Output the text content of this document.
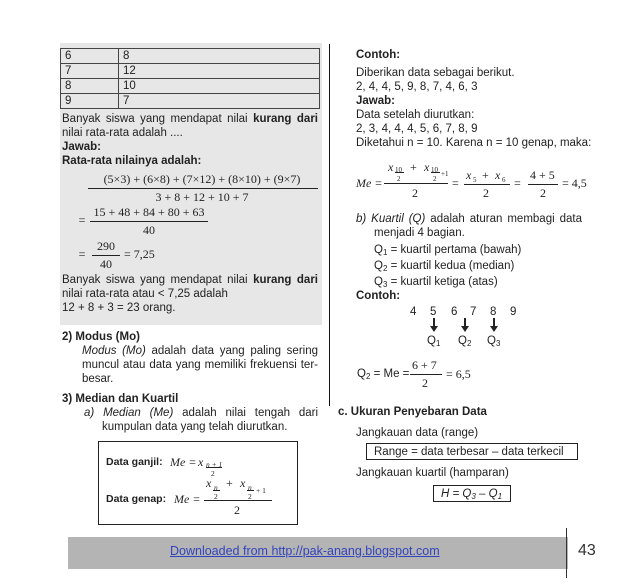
6	8
7	12
8	10
9	7
Banyak siswa yang mendapat nilai kurang dari
nilai rata-rata adalah ....
Jawab:
Rata-rata nilainya adalah:
(5×3) + (6×8) + (7×12) + (8×10) + (9×7)
3 + 8 + 12 + 10 + 7
=
15 + 48 + 84 + 80 + 63
40
=
290
40
= 7,25
Banyak siswa yang mendapat nilai kurang dari
nilai rata-rata atau < 7,25 adalah
12 + 8 + 3 = 23 orang.
2) Modus (Mo)
Modus (Mo) adalah data yang paling sering
muncul atau data yang memiliki frekuensi ter-
besar.
3) Median dan Kuartil
a) Median (Me) adalah nilai tengah dari
kumpulan data yang telah diurutkan.
Data ganjil: Me = x n + 1
2
Data genap: Me =
x n
2
+ x n
2
+ 1
2
Contoh:
Diberikan data sebagai berikut.
2, 4, 4, 5, 9, 8, 7, 4, 6, 3
Jawab:
Data setelah diurutkan:
2, 3, 4, 4, 4, 5, 6, 7, 8, 9
Diketahui n = 10. Karena n = 10 genap, maka:
Me =
x 10
2
+ x 10
2
+1
2
=
x 5 + x 6
2
=
4 + 5
2
= 4,5
b) Kuartil (Q) adalah aturan membagi data
menjadi 4 bagian.
$Q_1$ = kuartil pertama (bawah)
$Q_2$ = kuartil kedua (median)
$Q_3$ = kuartil ketiga (atas)
Contoh:
4 5 6 7 8 9
$Q_1$ $Q_2$ $Q_3$
$Q_2 = Me$ =
6 + 7
2
= 6,5
c. Ukuran Penyebaran Data
Jangkauan data (range)
Range = data terbesar – data terkecil
Jangkauan kuartil (hamparan)
$H = Q_3 - Q_1$
Downloaded from http://pak-anang.blogspot.com	43
